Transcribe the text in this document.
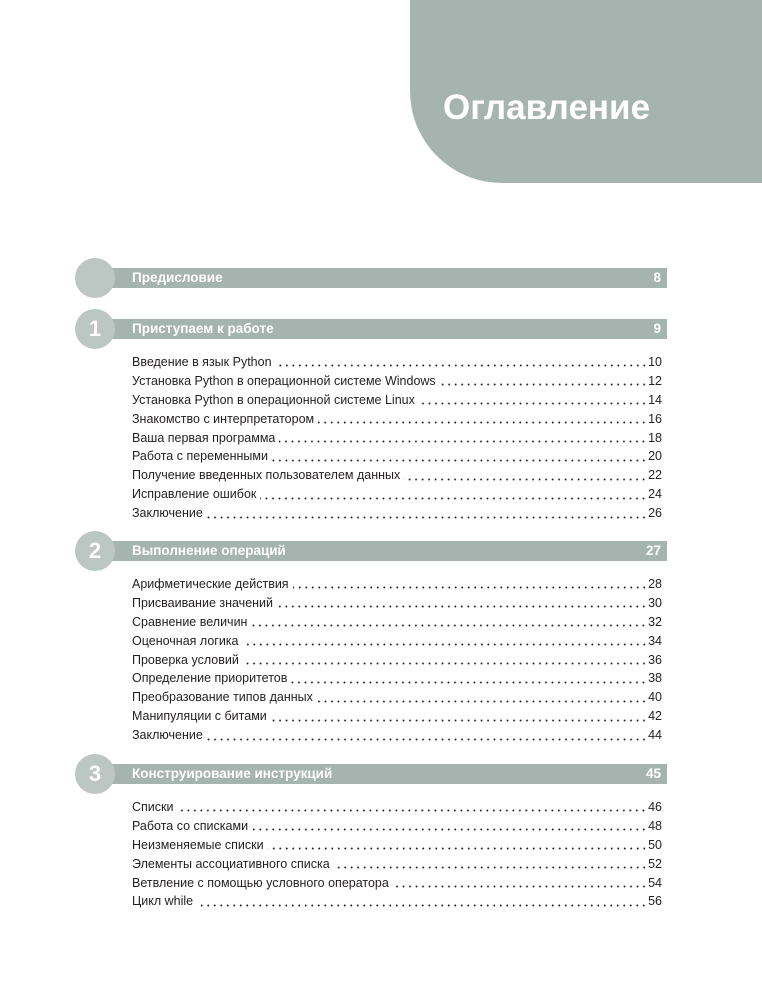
Оглавление
Предисловие	8
Приступаем к работе	9
1
Введение в язык Python	10
Установка Python в операционной системе Windows	12
Установка Python в операционной системе Linux	14
Знакомство с интерпретатором	16
Ваша первая программа	18
Работа с переменными	20
Получение введенных пользователем данных	22
Исправление ошибок	24
Заключение	26
Выполнение операций	27
2
Арифметические действия	28
Присваивание значений	30
Сравнение величин	32
Оценочная логика	34
Проверка условий	36
Определение приоритетов	38
Преобразование типов данных	40
Манипуляции с битами	42
Заключение	44
Конструирование инструкций	45
3
Списки	46
Работа со списками	48
Неизменяемые списки	50
Элементы ассоциативного списка	52
Ветвление с помощью условного оператора	54
Цикл while	56
